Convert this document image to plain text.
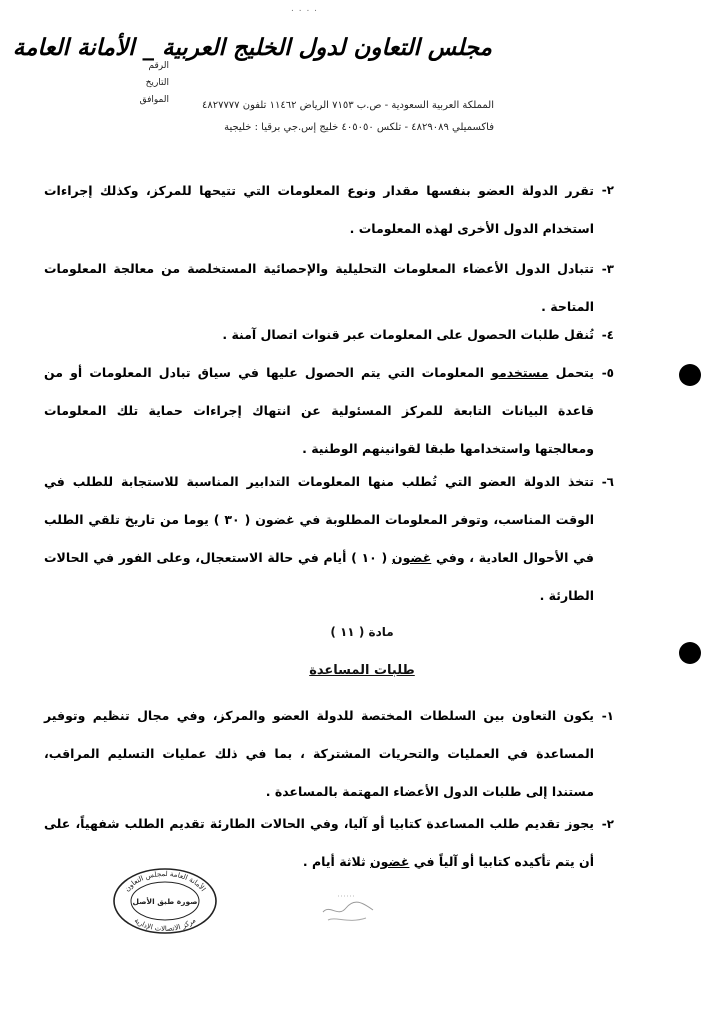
٠ ٠ ٠ ٠
مجلس التعاون لدول الخليج العربية _ الأمانة العامة
الرقم
التاريخ
الموافق	المملكة العربية السعودية - ص.ب ٧١٥٣ الرياض ١١٤٦٢ تلفون ٤٨٢٧٧٧٧
فاكسميلي ٤٨٢٩٠٨٩ - تلكس ٤٠٥٠٥٠ خليج إس.جي برقيا : خليجية
٢-
تقرر الدولة العضو بنفسها مقدار ونوع المعلومات التي تتيحها للمركز، وكذلك إجراءات استخدام الدول الأخرى لهذه المعلومات .
٣-
تتبادل الدول الأعضاء المعلومات التحليلية والإحصائية المستخلصة من معالجة المعلومات المتاحة .
٤-
تُنقل طلبات الحصول على المعلومات عبر قنوات اتصال آمنة .
٥-
يتحمل مستخدمو المعلومات التي يتم الحصول عليها في سياق تبادل المعلومات أو من قاعدة البيانات التابعة للمركز المسئولية عن انتهاك إجراءات حماية تلك المعلومات ومعالجتها واستخدامها طبقا لقوانينهم الوطنية .
٦-
تتخذ الدولة العضو التي تُطلب منها المعلومات التدابير المناسبة للاستجابة للطلب في الوقت المناسب، وتوفر المعلومات المطلوبة في غضون ( ٣٠ ) يوما من تاريخ تلقي الطلب في الأحوال العادية ، وفي غضون ( ١٠ ) أيام في حالة الاستعجال، وعلى الفور في الحالات الطارئة .
مادة ( ١١ )
طلبات المساعدة
١-
يكون التعاون بين السلطات المختصة للدولة العضو والمركز، وفي مجال تنظيم وتوفير المساعدة في العمليات والتحريات المشتركة ، بما في ذلك عمليات التسليم المراقب، مستندا إلى طلبات الدول الأعضاء المهتمة بالمساعدة .
٢-
يجوز تقديم طلب المساعدة كتابيا أو آليا، وفي الحالات الطارئة تقديم الطلب شفهياً، على أن يتم تأكيده كتابيا أو آلياً في غضون ثلاثة أيام .
الأمانة العامة لمجلس التعاون
مركز الاتصالات الإدارية
صورة طبق الأصل
